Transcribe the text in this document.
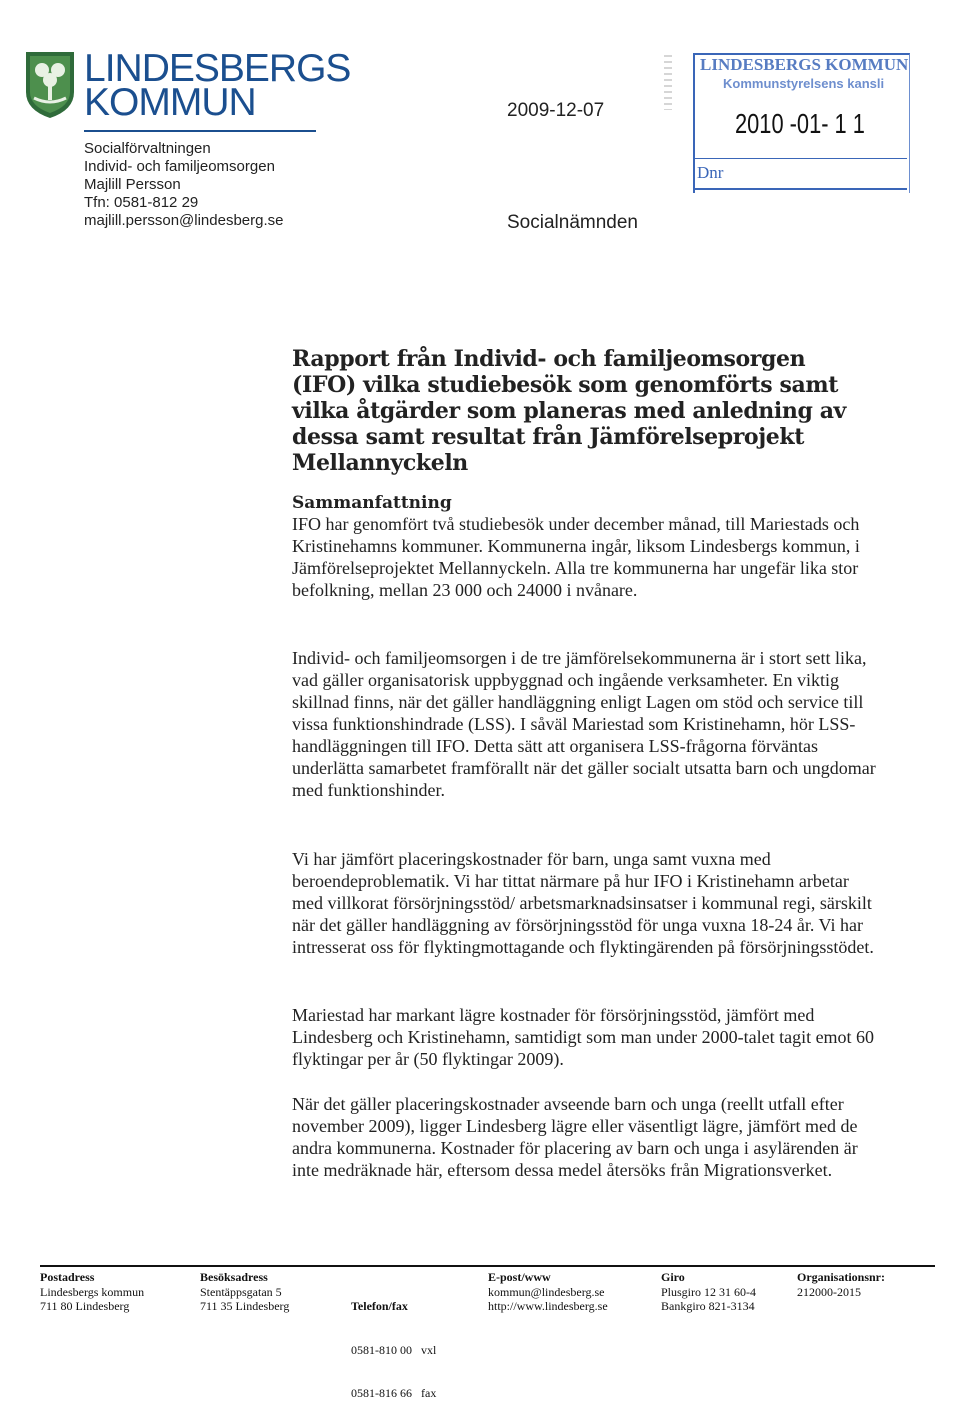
LINDESBERGS
KOMMUN
Socialförvaltningen
Individ- och familjeomsorgen
Majlill Persson
Tfn: 0581-812 29
majlill.persson@lindesberg.se
2009-12-07
Socialnämnden
LINDESBERGS KOMMUN
Kommunstyrelsens kansli
2010 -01- 1 1
Dnr
Rapport från Individ- och familjeomsorgen (IFO) vilka studiebesök som genomförts samt vilka åtgärder som planeras med anledning av dessa samt resultat från Jämförelseprojekt Mellannyckeln
Sammanfattning

IFO har genomfört två studiebesök under december månad, till Mariestads och Kristinehamns kommuner. Kommunerna ingår, liksom Lindesbergs kommun, i Jämförelseprojektet Mellannyckeln. Alla tre kommunerna har ungefär lika stor befolkning, mellan 23 000 och 24000 i nvånare.

Individ- och familjeomsorgen i de tre jämförelsekommunerna är i stort sett lika, vad gäller organisatorisk uppbyggnad och ingående verksamheter. En viktig skillnad finns, när det gäller handläggning enligt Lagen om stöd och service till vissa funktionshindrade (LSS). I såväl Mariestad som Kristinehamn, hör LSS-handläggningen till IFO. Detta sätt att organisera LSS-frågorna förväntas underlätta samarbetet framförallt när det gäller socialt utsatta barn och ungdomar med funktionshinder.

Vi har jämfört placeringskostnader för barn, unga samt vuxna med beroendeproblematik. Vi har tittat närmare på hur IFO i Kristinehamn arbetar med villkorat försörjningsstöd/ arbetsmarknadsinsatser i kommunal regi, särskilt när det gäller handläggning av försörjningsstöd för unga vuxna 18-24 år. Vi har intresserat oss för flyktingmottagande och flyktingärenden på försörjningsstödet.

Mariestad har markant lägre kostnader för försörjningsstöd, jämfört med Lindesberg och Kristinehamn, samtidigt som man under 2000-talet tagit emot 60 flyktingar per år (50 flyktingar 2009).

När det gäller placeringskostnader avseende barn och unga (reellt utfall efter november 2009), ligger Lindesberg lägre eller väsentligt lägre, jämfört med de andra kommunerna. Kostnader för placering av barn och unga i asylärenden är inte medräknade här, eftersom dessa medel återsöks från Migrationsverket.

Postadress
Lindesbergs kommun
711 80 Lindesberg
Besöksadress
Stentäppsgatan 5
711 35 Lindesberg

	Telefon/fax

0581-810 00   vxl

0581-816 66   fax

E-post/www
kommun@lindesberg.se
http://www.lindesberg.se
Giro
Plusgiro 12 31 60-4
Bankgiro 821-3134
Organisationsnr:
212000-2015
